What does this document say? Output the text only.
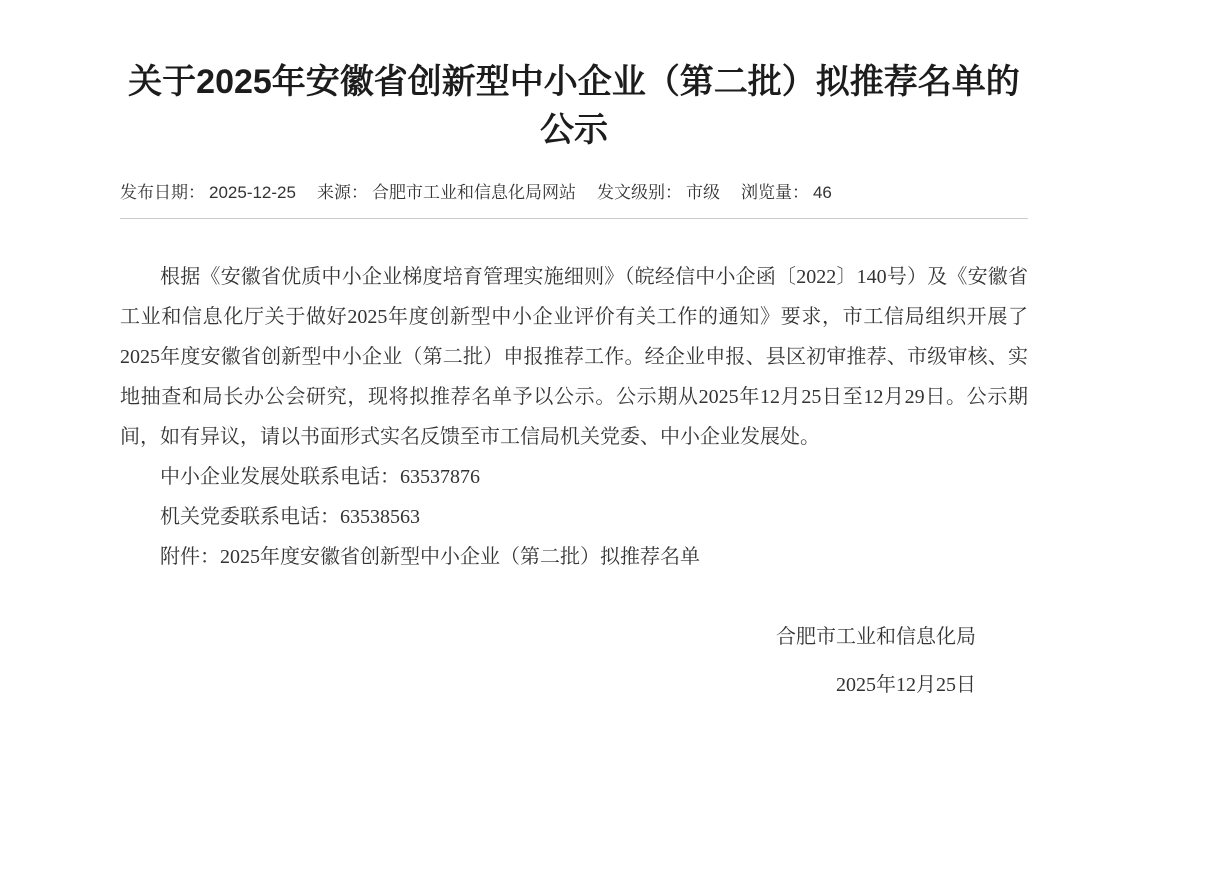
关于2025年安徽省创新型中小企业（第二批）拟推荐名单的公示
发布日期： 2025-12-25 来源： 合肥市工业和信息化局网站 发文级别： 市级 浏览量： 46

根据《安徽省优质中小企业梯度培育管理实施细则》（皖经信中小企函〔2022〕140号）及《安徽省工业和信息化厅关于做好2025年度创新型中小企业评价有关工作的通知》要求，市工信局组织开展了2025年度安徽省创新型中小企业（第二批）申报推荐工作。经企业申报、县区初审推荐、市级审核、实地抽查和局长办公会研究，现将拟推荐名单予以公示。公示期从2025年12月25日至12月29日。公示期间，如有异议，请以书面形式实名反馈至市工信局机关党委、中小企业发展处。

中小企业发展处联系电话：63537876

机关党委联系电话：63538563

附件：2025年度安徽省创新型中小企业（第二批）拟推荐名单

合肥市工业和信息化局

2025年12月25日
